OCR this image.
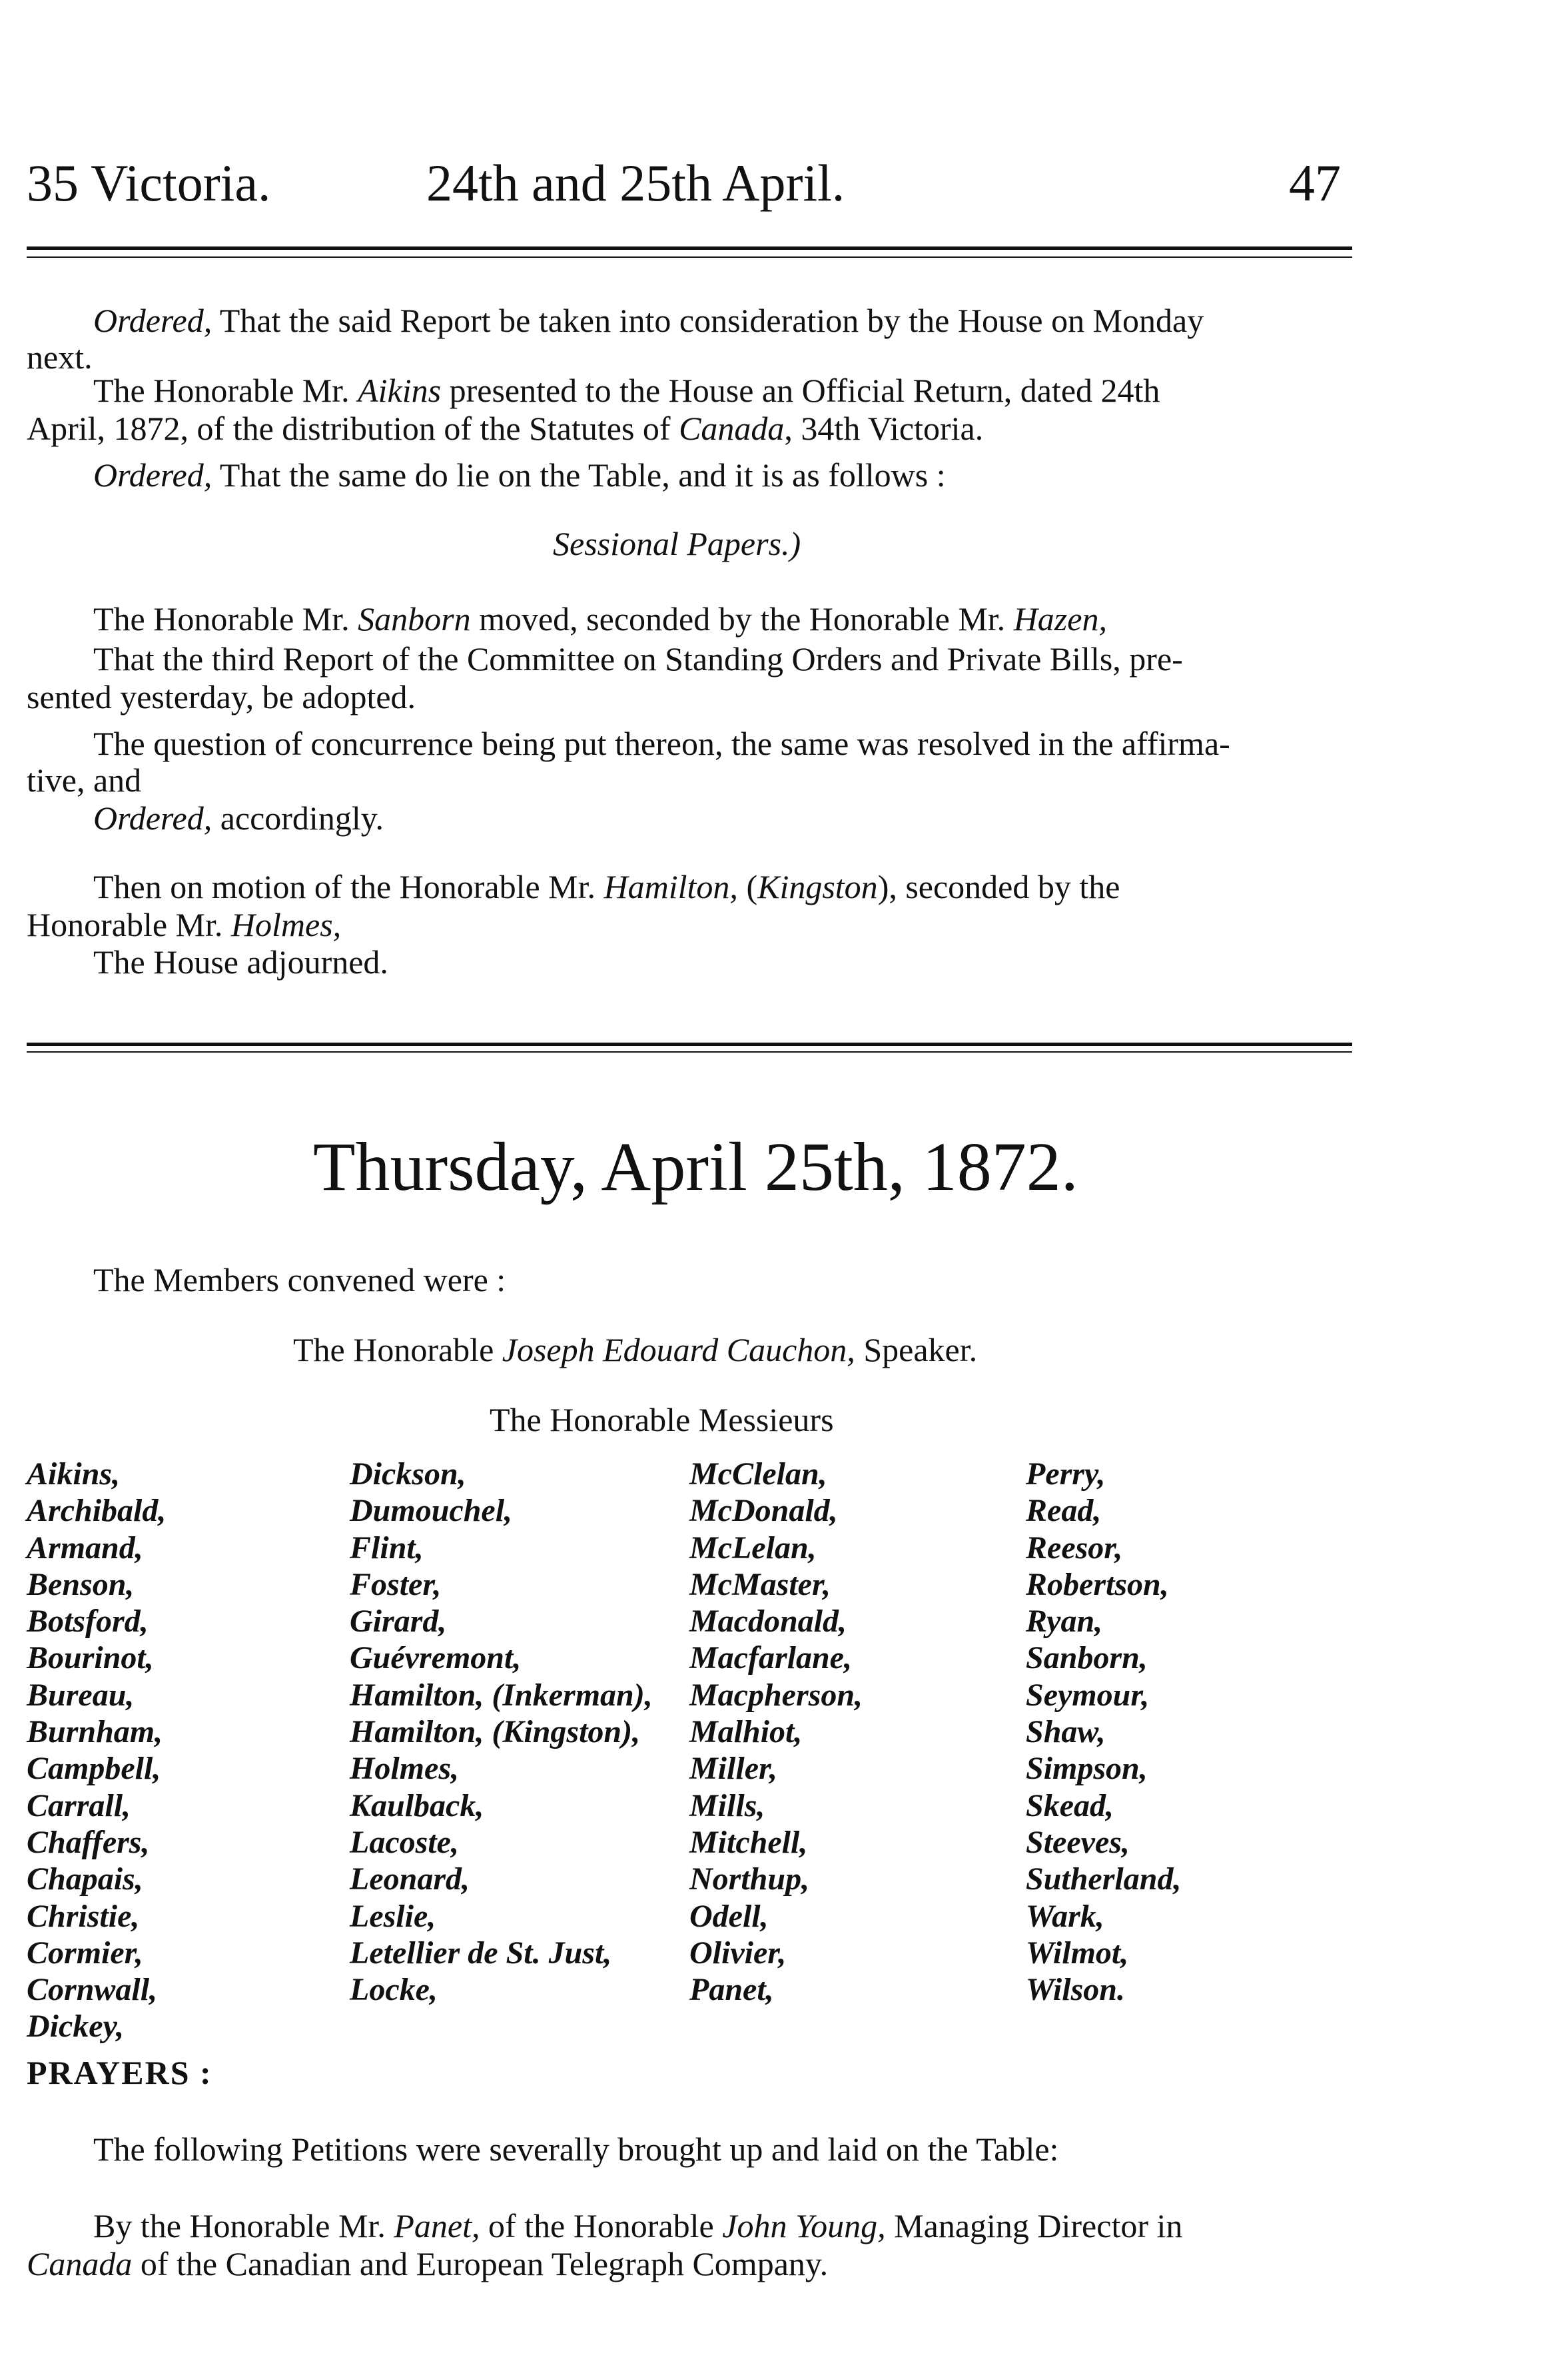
35 Victoria.	24th and 25th April.	47
Ordered, That the said Report be taken into consideration by the House on Monday
next.
The Honorable Mr. Aikins presented to the House an Official Return, dated 24th
April, 1872, of the distribution of the Statutes of Canada, 34th Victoria.
Ordered, That the same do lie on the Table, and it is as follows :
Sessional Papers.)
The Honorable Mr. Sanborn moved, seconded by the Honorable Mr. Hazen,
That the third Report of the Committee on Standing Orders and Private Bills, pre-
sented yesterday, be adopted.
The question of concurrence being put thereon, the same was resolved in the affirma-
tive, and
Ordered, accordingly.
Then on motion of the Honorable Mr. Hamilton, (Kingston), seconded by the
Honorable Mr. Holmes,
The House adjourned.
Thursday, April 25th, 1872.
The Members convened were :
The Honorable Joseph Edouard Cauchon, Speaker.
The Honorable Messieurs
Aikins,
Archibald,
Armand,
Benson,
Botsford,
Bourinot,
Bureau,
Burnham,
Campbell,
Carrall,
Chaffers,
Chapais,
Christie,
Cormier,
Cornwall,
Dickey,
Dickson,
Dumouchel,
Flint,
Foster,
Girard,
Guévremont,
Hamilton, (Inkerman),
Hamilton, (Kingston),
Holmes,
Kaulback,
Lacoste,
Leonard,
Leslie,
Letellier de St. Just,
Locke,
McClelan,
McDonald,
McLelan,
McMaster,
Macdonald,
Macfarlane,
Macpherson,
Malhiot,
Miller,
Mills,
Mitchell,
Northup,
Odell,
Olivier,
Panet,
Perry,
Read,
Reesor,
Robertson,
Ryan,
Sanborn,
Seymour,
Shaw,
Simpson,
Skead,
Steeves,
Sutherland,
Wark,
Wilmot,
Wilson.
PRAYERS :
The following Petitions were severally brought up and laid on the Table:
By the Honorable Mr. Panet, of the Honorable John Young, Managing Director in
Canada of the Canadian and European Telegraph Company.
